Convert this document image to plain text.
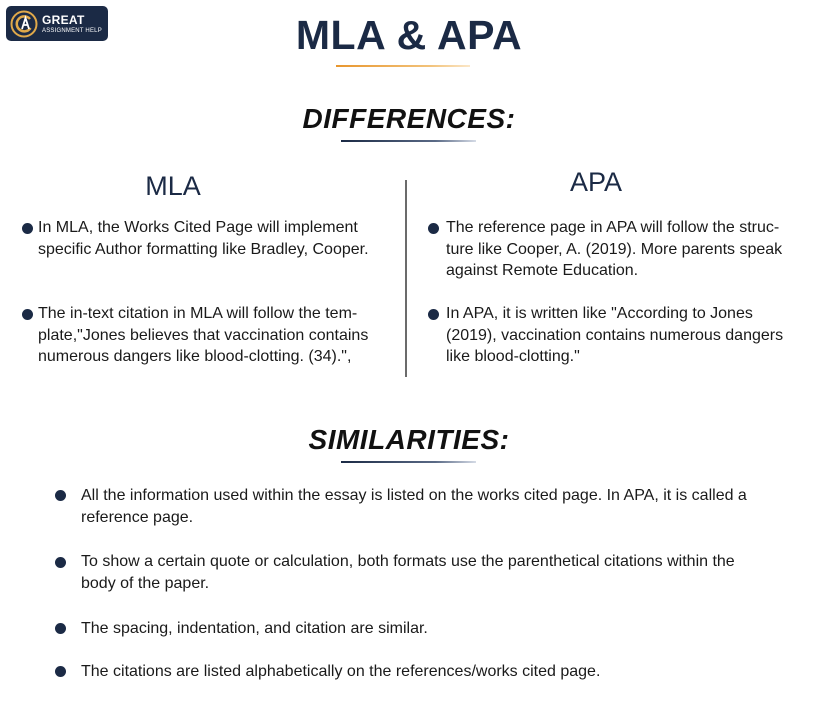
GREAT
ASSIGNMENT HELP	MLA & APA
DIFFERENCES:
MLA	APA
In MLA, the Works Cited Page will implement specific Author formatting like Bradley, Cooper.
The in-text citation in MLA will follow the tem-plate,"Jones believes that vaccination contains numerous dangers like blood-clotting. (34).",
The reference page in APA will follow the struc-ture like Cooper, A. (2019). More parents speak against Remote Education.
In APA, it is written like "According to Jones (2019), vaccination contains numerous dangers like blood-clotting."
SIMILARITIES:
All the information used within the essay is listed on the works cited page. In APA, it is called a reference page.
To show a certain quote or calculation, both formats use the parenthetical citations within the body of the paper.
The spacing, indentation, and citation are similar.
The citations are listed alphabetically on the references/works cited page.
